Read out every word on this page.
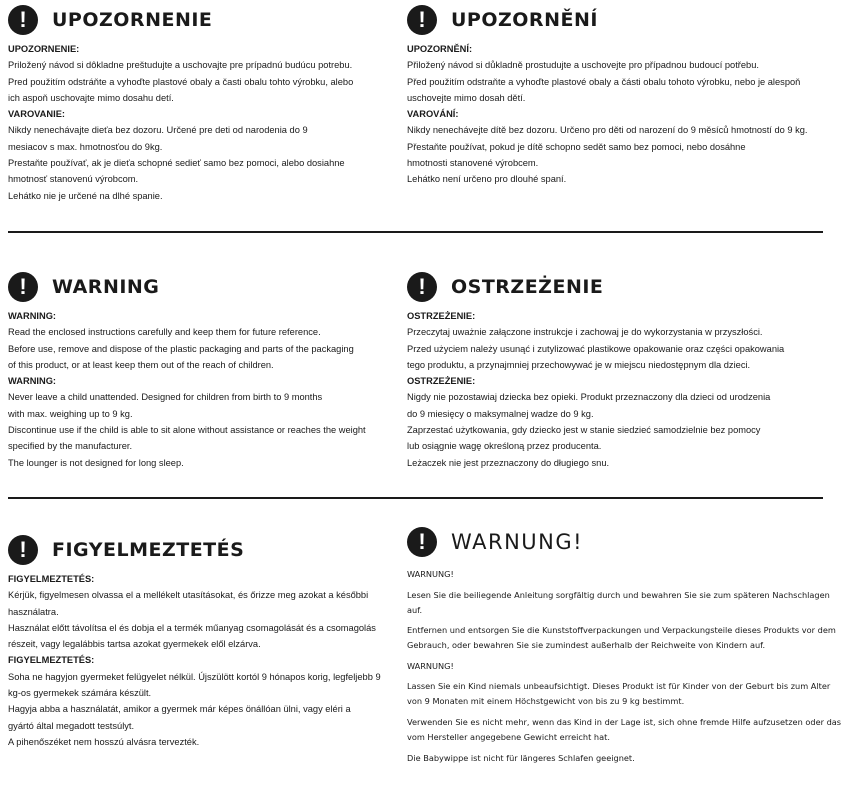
!	UPOZORNENIE

UPOZORNENIE:

Priložený návod si dôkladne preštudujte a uschovajte pre prípadnú budúcu potrebu.

Pred použitím odstráňte a vyhoďte plastové obaly a časti obalu tohto výrobku, alebo ich aspoň uschovajte mimo dosahu detí.

VAROVANIE:

Nikdy nenechávajte dieťa bez dozoru. Určené pre deti od narodenia do 9 mesiacov s max. hmotnosťou do 9kg.

Prestaňte používať, ak je dieťa schopné sedieť samo bez pomoci, alebo dosiahne hmotnosť stanovenú výrobcom.

Lehátko nie je určené na dlhé spanie.

!	UPOZORNĚNÍ

UPOZORNĚNÍ:

Přiložený návod si důkladně prostudujte a uschovejte pro případnou budoucí potřebu.

Před použitím odstraňte a vyhoďte plastové obaly a části obalu tohoto výrobku, nebo je alespoň uschovejte mimo dosah dětí.

VAROVÁNÍ:

Nikdy nenechávejte dítě bez dozoru. Určeno pro děti od narození do 9 měsíců hmotností do 9 kg.

Přestaňte používat, pokud je dítě schopno sedět samo bez pomoci, nebo dosáhne hmotnosti stanovené výrobcem.

Lehátko není určeno pro dlouhé spaní.

!	WARNING

WARNING:

Read the enclosed instructions carefully and keep them for future reference.

Before use, remove and dispose of the plastic packaging and parts of the packaging of this product, or at least keep them out of the reach of children.

WARNING:

Never leave a child unattended. Designed for children from birth to 9 months with max. weighing up to 9 kg.

Discontinue use if the child is able to sit alone without assistance or reaches the weight specified by the manufacturer.

The lounger is not designed for long sleep.

!	OSTRZEŻENIE

OSTRZEŻENIE:

Przeczytaj uważnie załączone instrukcje i zachowaj je do wykorzystania w przyszłości.

Przed użyciem należy usunąć i zutylizować plastikowe opakowanie oraz części opakowania tego produktu, a przynajmniej przechowywać je w miejscu niedostępnym dla dzieci.

OSTRZEŻENIE:

Nigdy nie pozostawiaj dziecka bez opieki. Produkt przeznaczony dla dzieci od urodzenia do 9 miesięcy o maksymalnej wadze do 9 kg.

Zaprzestać użytkowania, gdy dziecko jest w stanie siedzieć samodzielnie bez pomocy lub osiągnie wagę określoną przez producenta.

Leżaczek nie jest przeznaczony do długiego snu.

!	FIGYELMEZTETÉS

FIGYELMEZTETÉS:

Kérjük, figyelmesen olvassa el a mellékelt utasításokat, és őrizze meg azokat a későbbi használatra.

Használat előtt távolítsa el és dobja el a termék műanyag csomagolását és a csomagolás részeit, vagy legalábbis tartsa azokat gyermekek elől elzárva.

FIGYELMEZTETÉS:

Soha ne hagyjon gyermeket felügyelet nélkül. Újszülött kortól 9 hónapos korig, legfeljebb 9 kg-os gyermekek számára készült.

Hagyja abba a használatát, amikor a gyermek már képes önállóan ülni, vagy eléri a gyártó által megadott testsúlyt.

A pihenőszéket nem hosszú alvásra tervezték.

!	WARNUNG!

WARNUNG!

Lesen Sie die beiliegende Anleitung sorgfältig durch und bewahren Sie sie zum späteren Nachschlagen auf.

Entfernen und entsorgen Sie die Kunststoffverpackungen und Verpackungsteile dieses Produkts vor dem Gebrauch, oder bewahren Sie sie zumindest außerhalb der Reichweite von Kindern auf.

WARNUNG!

Lassen Sie ein Kind niemals unbeaufsichtigt. Dieses Produkt ist für Kinder von der Geburt bis zum Alter von 9 Monaten mit einem Höchstgewicht von bis zu 9 kg bestimmt.

Verwenden Sie es nicht mehr, wenn das Kind in der Lage ist, sich ohne fremde Hilfe aufzusetzen oder das vom Hersteller angegebene Gewicht erreicht hat.

Die Babywippe ist nicht für längeres Schlafen geeignet.
